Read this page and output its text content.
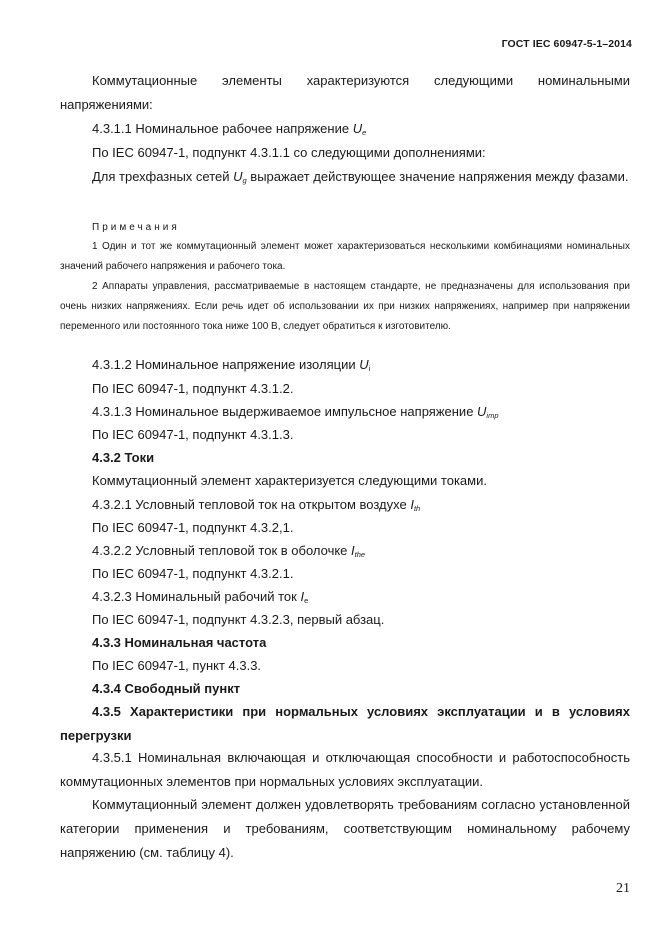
ГОСТ IEC 60947-5-1–2014

Коммутационные элементы характеризуются следующими номинальными напряжениями:

4.3.1.1 Номинальное рабочее напряжение $U_e$

По IEC 60947-1, подпункт 4.3.1.1 со следующими дополнениями:

Для трехфазных сетей $U_g$ выражает действующее значение напряжения между фазами.

Примечания

1 Один и тот же коммутационный элемент может характеризоваться несколькими комбинациями номинальных значений рабочего напряжения и рабочего тока.

2 Аппараты управления, рассматриваемые в настоящем стандарте, не предназначены для использования при очень низких напряжениях. Если речь идет об использовании их при низких напряжениях, например при напряжении переменного или постоянного тока ниже 100 В, следует обратиться к изготовителю.

4.3.1.2 Номинальное напряжение изоляции $U_i$

По IEC 60947-1, подпункт 4.3.1.2.

4.3.1.3 Номинальное выдерживаемое импульсное напряжение $U_{imp}$

По IEC 60947-1, подпункт 4.3.1.3.

4.3.2 Токи

Коммутационный элемент характеризуется следующими токами.

4.3.2.1 Условный тепловой ток на открытом воздухе $I_{th}$

По IEC 60947-1, подпункт 4.3.2,1.

4.3.2.2 Условный тепловой ток в оболочке $I_{the}$

По IEC 60947-1, подпункт 4.3.2.1.

4.3.2.3 Номинальный рабочий ток $I_e$

По IEC 60947-1, подпункт 4.3.2.3, первый абзац.

4.3.3 Номинальная частота

По IEC 60947-1, пункт 4.3.3.

4.3.4 Свободный пункт

4.3.5 Характеристики при нормальных условиях эксплуатации и в условиях перегрузки

4.3.5.1 Номинальная включающая и отключающая способности и работоспособность коммутационных элементов при нормальных условиях эксплуатации.

Коммутационный элемент должен удовлетворять требованиям согласно установленной категории применения и требованиям, соответствующим номинальному рабочему напряжению (см. таблицу 4).

21
